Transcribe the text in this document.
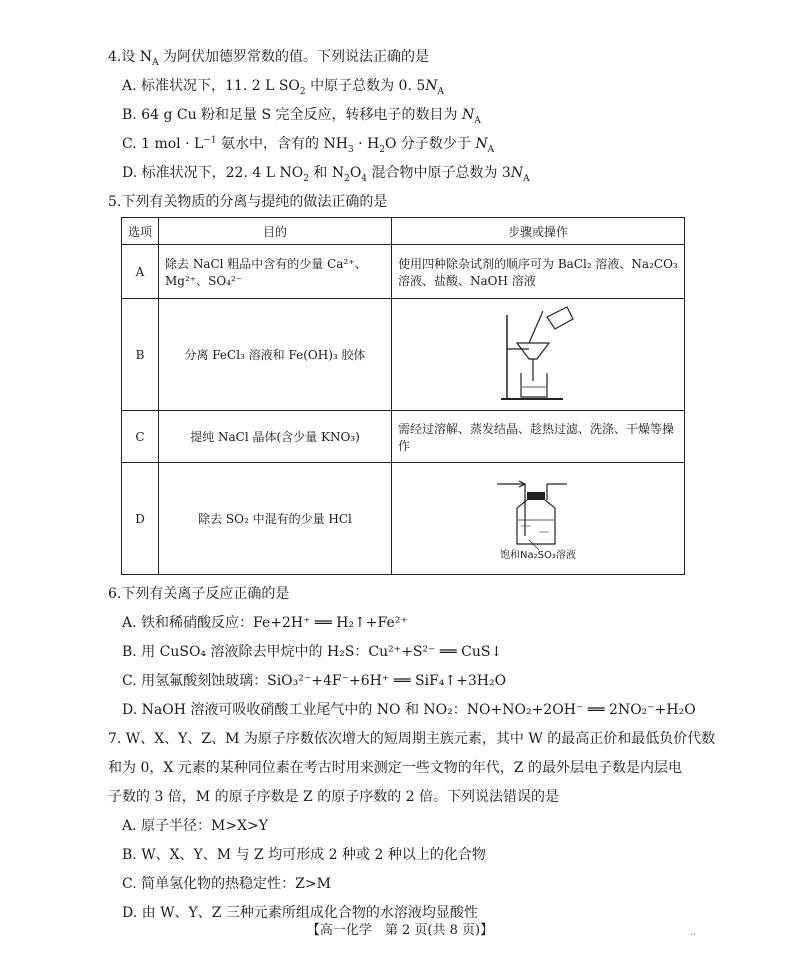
4.设 $N_A$ 为阿伏加德罗常数的值。下列说法正确的是
A. 标准状况下，11. 2 L $SO_2$ 中原子总数为 0. $5N_A$
B. 64 g Cu 粉和足量 S 完全反应，转移电子的数目为 $N_A$
C. 1 mol · $L^{-1}$ 氨水中，含有的 $NH_3 \cdot H_2O$ 分子数少于 $N_A$
D. 标准状况下，22. 4 L $NO_2$ 和 $N_2O_4$ 混合物中原子总数为 $3N_A$
5.下列有关物质的分离与提纯的做法正确的是
选项	目的	步骤或操作
A	除去 NaCl 粗品中含有的少量 Ca²⁺、Mg²⁺、SO₄²⁻	使用四种除杂试剂的顺序可为 BaCl₂ 溶液、Na₂CO₃ 溶液、盐酸、NaOH 溶液
B	分离 FeCl₃ 溶液和 Fe(OH)₃ 胶体	
C	提纯 NaCl 晶体(含少量 KNO₃)	需经过溶解、蒸发结晶、趁热过滤、洗涤、干燥等操作
D	除去 SO₂ 中混有的少量 HCl	饱和Na₂SO₃溶液
6.下列有关离子反应正确的是
A. 铁和稀硝酸反应：Fe+2H⁺ ══ H₂↑+Fe²⁺
B. 用 CuSO₄ 溶液除去甲烷中的 H₂S：Cu²⁺+S²⁻ ══ CuS↓
C. 用氢氟酸刻蚀玻璃：SiO₃²⁻+4F⁻+6H⁺ ══ SiF₄↑+3H₂O
D. NaOH 溶液可吸收硝酸工业尾气中的 NO 和 NO₂：NO+NO₂+2OH⁻ ══ 2NO₂⁻+H₂O
7. W、X、Y、Z、M 为原子序数依次增大的短周期主族元素，其中 W 的最高正价和最低负价代数
和为 0，X 元素的某种同位素在考古时用来测定一些文物的年代，Z 的最外层电子数是内层电
子数的 3 倍，M 的原子序数是 Z 的原子序数的 2 倍。下列说法错误的是
A. 原子半径：M>X>Y
B. W、X、Y、M 与 Z 均可形成 2 种或 2 种以上的化合物
C. 简单氢化物的热稳定性：Z>M
D. 由 W、Y、Z 三种元素所组成化合物的水溶液均显酸性
【高一化学　第 2 页(共 8 页)】	··
